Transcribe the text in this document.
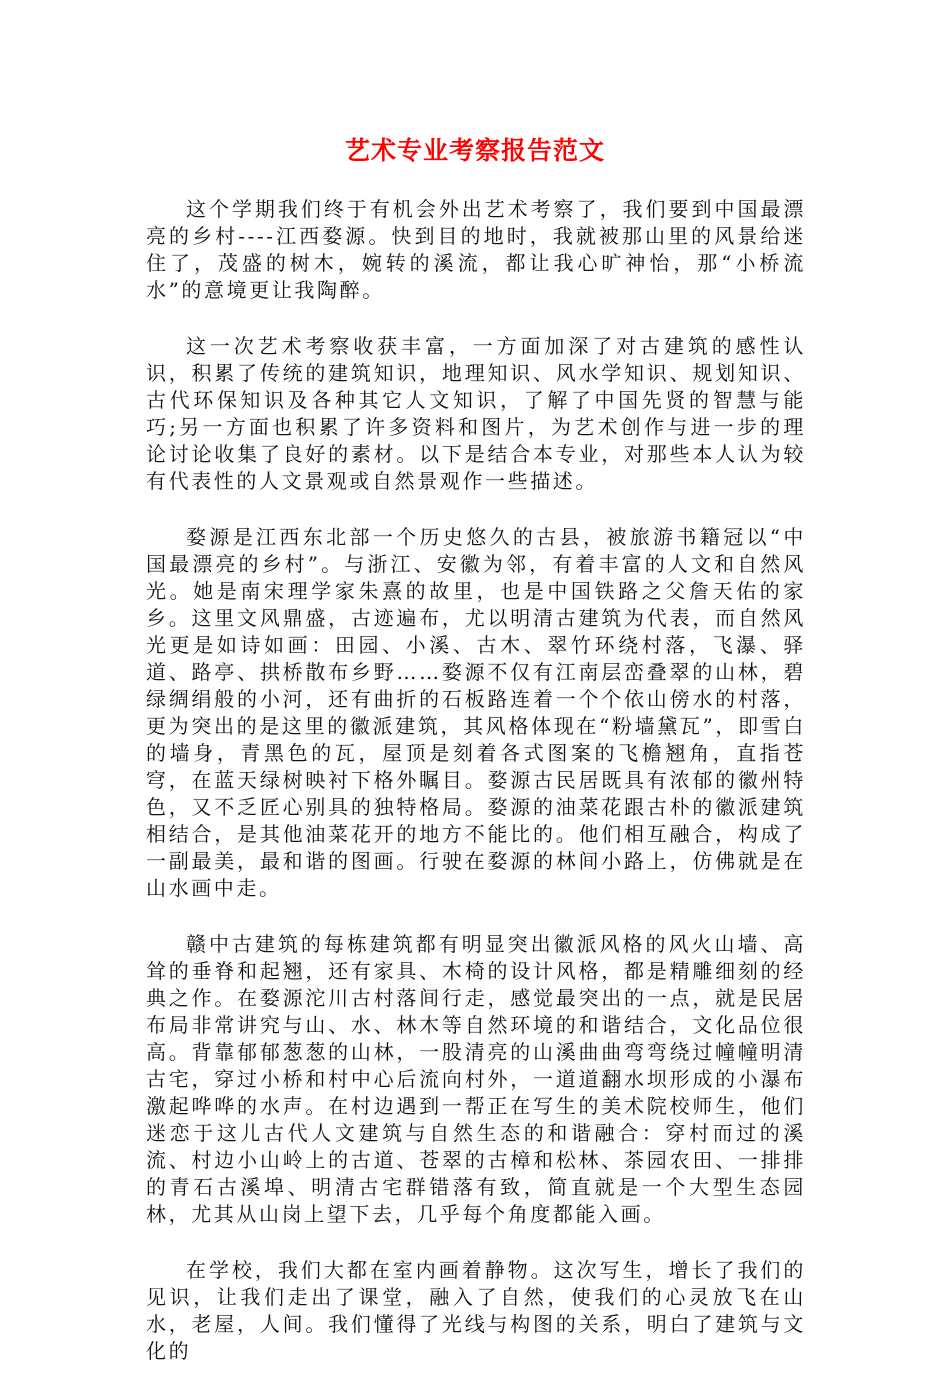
艺术专业考察报告范文

这个学期我们终于有机会外出艺术考察了，我们要到中国最漂亮的乡村----江西婺源。快到目的地时，我就被那山里的风景给迷住了，茂盛的树木，婉转的溪流，都让我心旷神怡，那“小桥流水”的意境更让我陶醉。

这一次艺术考察收获丰富，一方面加深了对古建筑的感性认识，积累了传统的建筑知识，地理知识、风水学知识、规划知识、古代环保知识及各种其它人文知识，了解了中国先贤的智慧与能巧;另一方面也积累了许多资料和图片，为艺术创作与进一步的理论讨论收集了良好的素材。以下是结合本专业，对那些本人认为较有代表性的人文景观或自然景观作一些描述。

婺源是江西东北部一个历史悠久的古县，被旅游书籍冠以“中国最漂亮的乡村”。与浙江、安徽为邻，有着丰富的人文和自然风光。她是南宋理学家朱熹的故里，也是中国铁路之父詹天佑的家乡。这里文风鼎盛，古迹遍布，尤以明清古建筑为代表，而自然风光更是如诗如画：田园、小溪、古木、翠竹环绕村落，飞瀑、驿道、路亭、拱桥散布乡野……婺源不仅有江南层峦叠翠的山林，碧绿绸绢般的小河，还有曲折的石板路连着一个个依山傍水的村落，更为突出的是这里的徽派建筑，其风格体现在“粉墙黛瓦”，即雪白的墙身，青黑色的瓦，屋顶是刻着各式图案的飞檐翘角，直指苍穹，在蓝天绿树映衬下格外瞩目。婺源古民居既具有浓郁的徽州特色，又不乏匠心别具的独特格局。婺源的油菜花跟古朴的徽派建筑相结合，是其他油菜花开的地方不能比的。他们相互融合，构成了一副最美，最和谐的图画。行驶在婺源的林间小路上，仿佛就是在山水画中走。

赣中古建筑的每栋建筑都有明显突出徽派风格的风火山墙、高耸的垂脊和起翘，还有家具、木椅的设计风格，都是精雕细刻的经典之作。在婺源沱川古村落间行走，感觉最突出的一点，就是民居布局非常讲究与山、水、林木等自然环境的和谐结合，文化品位很高。背靠郁郁葱葱的山林，一股清亮的山溪曲曲弯弯绕过幢幢明清古宅，穿过小桥和村中心后流向村外，一道道翻水坝形成的小瀑布激起哗哗的水声。在村边遇到一帮正在写生的美术院校师生，他们迷恋于这儿古代人文建筑与自然生态的和谐融合：穿村而过的溪流、村边小山岭上的古道、苍翠的古樟和松林、茶园农田、一排排的青石古溪埠、明清古宅群错落有致，简直就是一个大型生态园林，尤其从山岗上望下去，几乎每个角度都能入画。

在学校，我们大都在室内画着静物。这次写生，增长了我们的见识，让我们走出了课堂，融入了自然，使我们的心灵放飞在山水，老屋，人间。我们懂得了光线与构图的关系，明白了建筑与文化的
